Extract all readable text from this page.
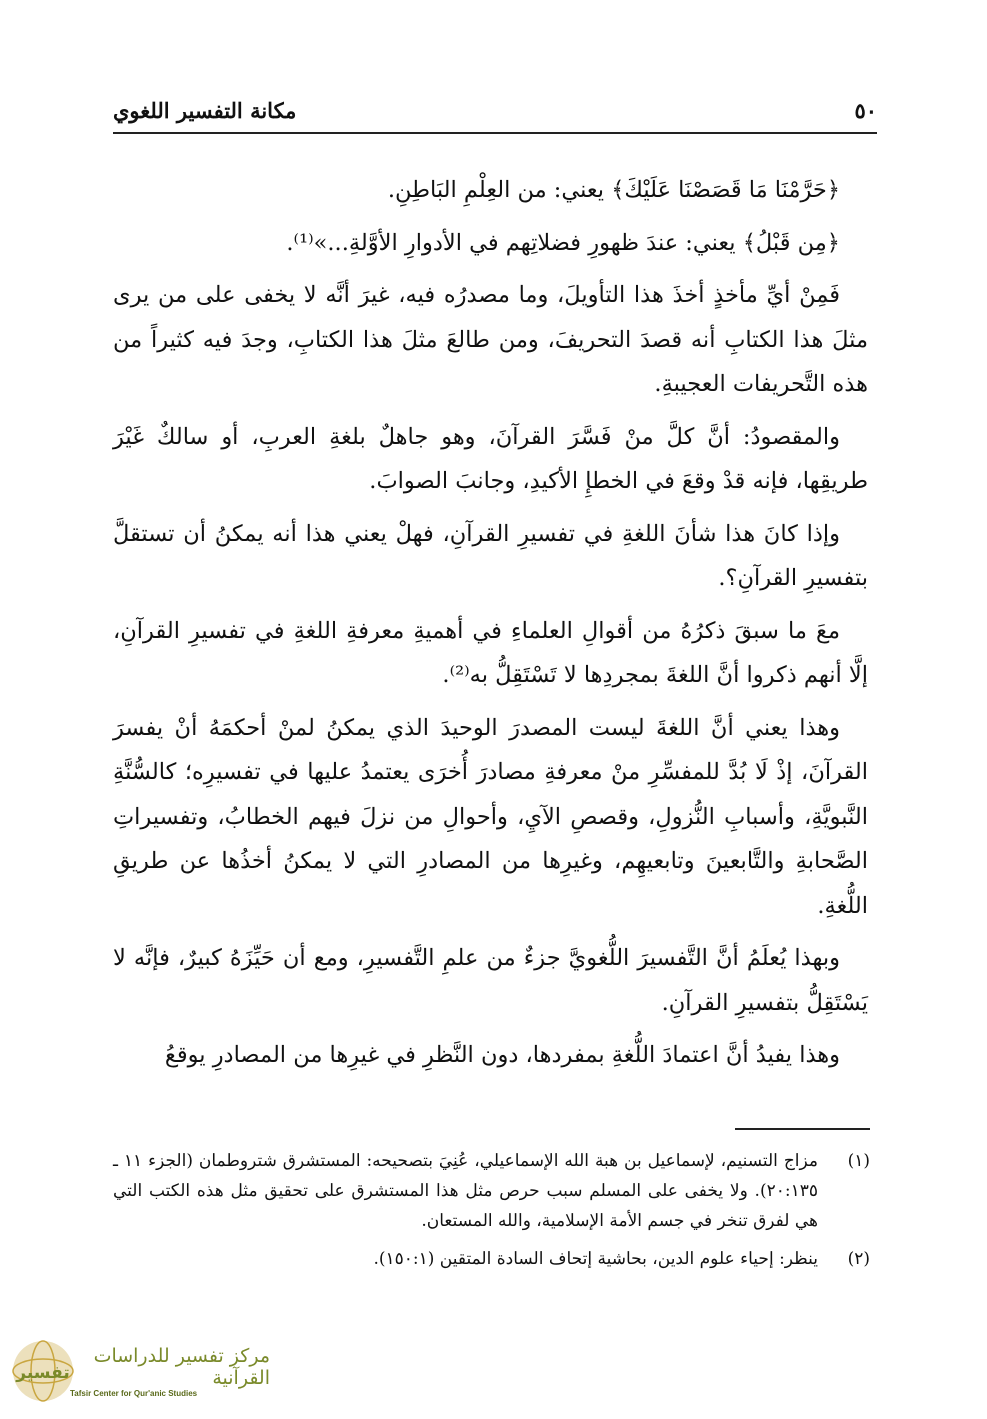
٥٠
مكانة التفسير اللغوي

﴿حَرَّمْنَا مَا قَصَصْنَا عَلَيْكَ﴾ يعني: من العِلْمِ البَاطِنِ.

﴿مِن قَبْلُ﴾ يعني: عندَ ظهورِ فضلاتِهم في الأدوارِ الأوَّلةِ...»⁽¹⁾.

فَمِنْ أيِّ مأخذٍ أخذَ هذا التأويلَ، وما مصدرُه فيه، غيرَ أنَّه لا يخفى على من يرى مثلَ هذا الكتابِ أنه قصدَ التحريفَ، ومن طالعَ مثلَ هذا الكتابِ، وجدَ فيه كثيراً من هذه التَّحريفات العجيبةِ.

والمقصودُ: أنَّ كلَّ منْ فَسَّرَ القرآنَ، وهو جاهلٌ بلغةِ العربِ، أو سالكٌ غَيْرَ طريقِها، فإنه قدْ وقعَ في الخطإِ الأكيدِ، وجانبَ الصوابَ.

وإذا كانَ هذا شأنَ اللغةِ في تفسيرِ القرآنِ، فهلْ يعني هذا أنه يمكنُ أن تستقلَّ بتفسيرِ القرآنِ؟.

معَ ما سبقَ ذكرُهُ من أقوالِ العلماءِ في أهميةِ معرفةِ اللغةِ في تفسيرِ القرآنِ، إلَّا أنهم ذكروا أنَّ اللغةَ بمجردِها لا تَسْتَقِلُّ به⁽²⁾.

وهذا يعني أنَّ اللغةَ ليست المصدرَ الوحيدَ الذي يمكنُ لمنْ أحكمَهُ أنْ يفسرَ القرآنَ، إذْ لَا بُدَّ للمفسِّرِ منْ معرفةِ مصادرَ أُخرَى يعتمدُ عليها في تفسيرِه؛ كالسُّنَّةِ النَّبويَّةِ، وأسبابِ النُّزولِ، وقصصِ الآيِ، وأحوالِ من نزلَ فيهم الخطابُ، وتفسيراتِ الصَّحابةِ والتَّابعينَ وتابعيهِم، وغيرِها من المصادرِ التي لا يمكنُ أخذُها عن طريقِ اللُّغةِ.

وبهذا يُعلَمُ أنَّ التَّفسيرَ اللُّغويَّ جزءٌ من علمِ التَّفسيرِ، ومع أن حَيِّزَهُ كبيرٌ، فإنَّه لا يَسْتَقِلُّ بتفسيرِ القرآنِ.

وهذا يفيدُ أنَّ اعتمادَ اللُّغةِ بمفردها، دون النَّظرِ في غيرِها من المصادرِ يوقعُ

(١)
مزاج التسنيم، لإسماعيل بن هبة الله الإسماعيلي، عُنِيَ بتصحيحه: المستشرق شتروطمان (الجزء ١١ ـ ٢٠:١٣٥). ولا يخفى على المسلم سبب حرص مثل هذا المستشرق على تحقيق مثل هذه الكتب التي هي لفرق تنخر في جسم الأمة الإسلامية، والله المستعان.
(٢)
ينظر: إحياء علوم الدين، بحاشية إتحاف السادة المتقين (١٥٠:١).
تفسير
مركز تفسير للدراسات القرآنية
Tafsir Center for Qur'anic Studies
